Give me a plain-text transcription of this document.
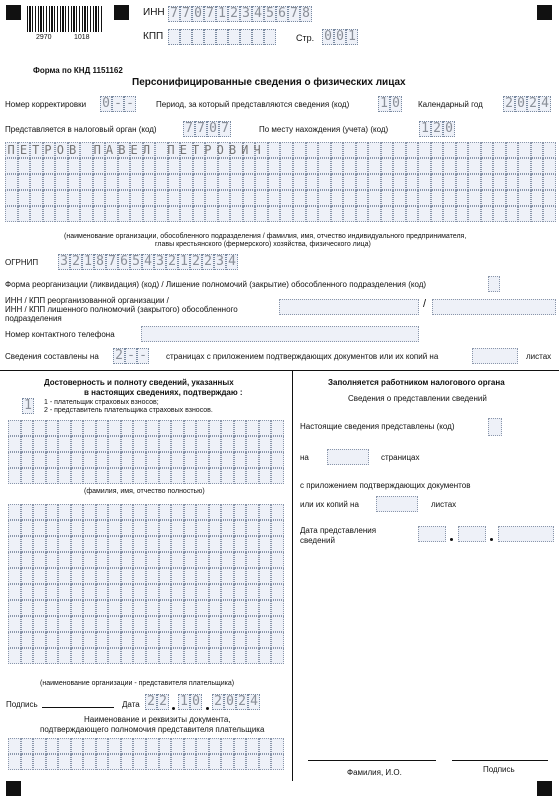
2970	1018
ИНН 7 7 0 7 1 2 3 4 5 6 7 8
КПП	Стр. 0 0 1
Форма по КНД 1151162
Персонифицированные сведения о физических лицах
Номер корректировки 0 - -	Период, за который представляются сведения (код) 1 0 Календарный год 2 0 2 4
Представляется в налоговый орган (код) 7 7 0 7	По месту нахождения (учета) (код)	1 2 0
П Е Т Р О В П А В Е Л П Е Т Р О В И Ч
(наименование организации, обособленного подразделения / фамилия, имя, отчество индивидуального предпринимателя,
главы крестьянского (фермерского) хозяйства, физического лица)
ОГРНИП 3 2 1 8 7 6 5 4 3 2 1 2 2 3 4
Форма реорганизации (ликвидация) (код) / Лишение полномочий (закрытие) обособленного подразделения (код)
ИНН / КПП реорганизованной организации /
ИНН / КПП лишенного полномочий (закрытого) обособленного
подразделения
/
Номер контактного телефона
Сведения составлены на 2 - - страницах с приложением подтверждающих документов или их копий на	листах
Достоверность и полноту сведений, указанных
в настоящих сведениях, подтверждаю :
1 1 - плательщик страховых взносов;
2 - представитель плательщика страховых взносов.
(фамилия, имя, отчество полностью)
(наименование организации - представителя плательщика)
Подпись	Дата 2 2 1 0 2 0 2 4
Наименование и реквизиты документа,
подтверждающего полномочия представителя плательщика
Заполняется работником налогового органа
Сведения о представлении сведений
Настоящие сведения представлены (код)
на	страницах
с приложением подтверждающих документов
или их копий на	листах
Дата представления
сведений
Фамилия, И.О.	Подпись
